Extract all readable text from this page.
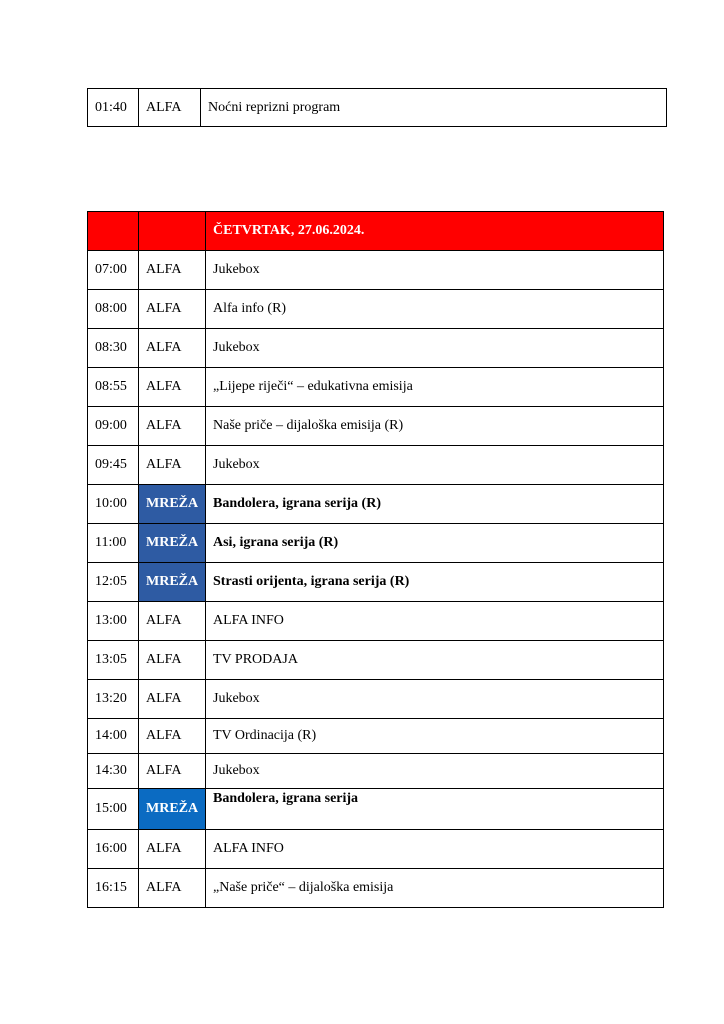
01:40	ALFA	Noćni reprizni program
		ČETVRTAK, 27.06.2024.
07:00	ALFA	Jukebox
08:00	ALFA	Alfa info (R)
08:30	ALFA	Jukebox
08:55	ALFA	„Lijepe riječi“ – edukativna emisija
09:00	ALFA	Naše priče – dijaloška emisija (R)
09:45	ALFA	Jukebox
10:00	MREŽA	Bandolera, igrana serija (R)
11:00	MREŽA	Asi, igrana serija (R)
12:05	MREŽA	Strasti orijenta, igrana serija (R)
13:00	ALFA	ALFA INFO
13:05	ALFA	TV PRODAJA
13:20	ALFA	Jukebox
14:00	ALFA	TV Ordinacija (R)
14:30	ALFA	Jukebox
15:00	MREŽA	Bandolera, igrana serija
16:00	ALFA	ALFA INFO
16:15	ALFA	„Naše priče“ – dijaloška emisija
